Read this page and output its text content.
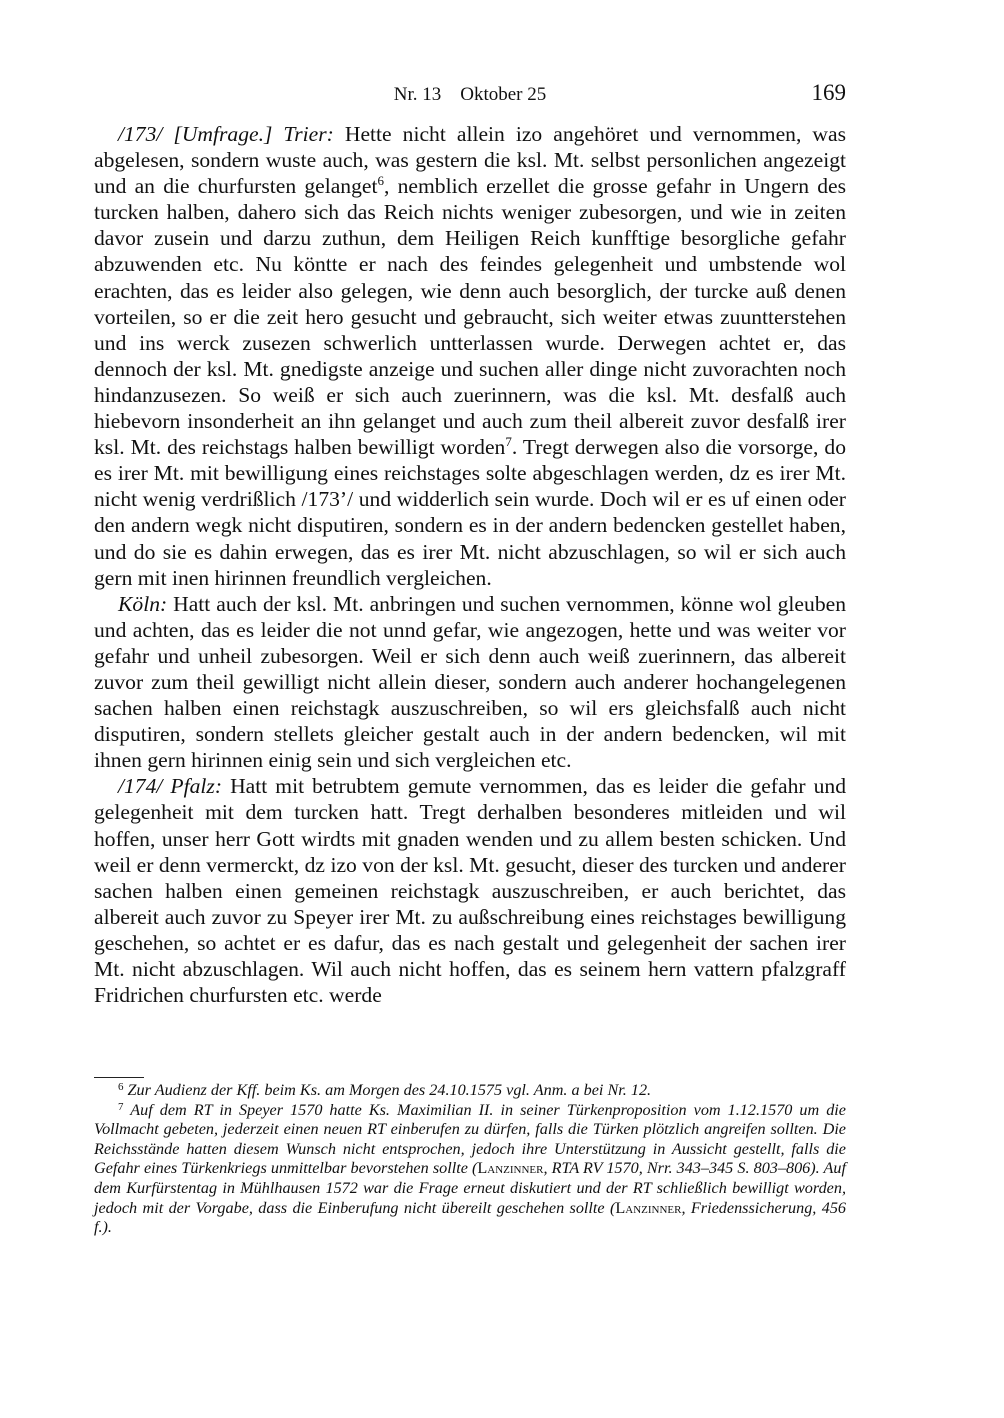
Nr. 13    Oktober 25	169

/173/ [Umfrage.] Trier: Hette nicht allein izo angehöret und vernommen, was abgelesen, sondern wuste auch, was gestern die ksl. Mt. selbst personlichen angezeigt und an die churfursten gelanget$^6$, nemblich erzellet die grosse gefahr in Ungern des turcken halben, dahero sich das Reich nichts weniger zubesorgen, und wie in zeiten davor zusein und darzu zuthun, dem Heiligen Reich kunfftige besorgliche gefahr abzuwenden etc. Nu köntte er nach des feindes gelegenheit und umbstende wol erachten, das es leider also gelegen, wie denn auch besorglich, der turcke auß denen vorteilen, so er die zeit hero gesucht und gebraucht, sich weiter etwas zuuntterstehen und ins werck zusezen schwerlich untterlassen wurde. Derwegen achtet er, das dennoch der ksl. Mt. gnedigste anzeige und suchen aller dinge nicht zuvorachten noch hindanzusezen. So weiß er sich auch zuerinnern, was die ksl. Mt. desfalß auch hiebevorn insonderheit an ihn gelanget und auch zum theil albereit zuvor desfalß irer ksl. Mt. des reichstags halben bewilligt worden$^7$. Tregt derwegen also die vorsorge, do es irer Mt. mit bewilligung eines reichstages solte abgeschlagen werden, dz es irer Mt. nicht wenig verdrißlich /173’/ und widderlich sein wurde. Doch wil er es uf einen oder den andern wegk nicht disputiren, sondern es in der andern bedencken gestellet haben, und do sie es dahin erwegen, das es irer Mt. nicht abzuschlagen, so wil er sich auch gern mit inen hirinnen freundlich vergleichen.

Köln: Hatt auch der ksl. Mt. anbringen und suchen vernommen, könne wol gleuben und achten, das es leider die not unnd gefar, wie angezogen, hette und was weiter vor gefahr und unheil zubesorgen. Weil er sich denn auch weiß zuerinnern, das albereit zuvor zum theil gewilligt nicht allein dieser, sondern auch anderer hochangelegenen sachen halben einen reichstagk auszuschreiben, so wil ers gleichsfalß auch nicht disputiren, sondern stellets gleicher gestalt auch in der andern bedencken, wil mit ihnen gern hirinnen einig sein und sich vergleichen etc.

/174/ Pfalz: Hatt mit betrubtem gemute vernommen, das es leider die gefahr und gelegenheit mit dem turcken hatt. Tregt derhalben besonderes mitleiden und wil hoffen, unser herr Gott wirdts mit gnaden wenden und zu allem besten schicken. Und weil er denn vermerckt, dz izo von der ksl. Mt. gesucht, dieser des turcken und anderer sachen halben einen gemeinen reichstagk auszuschreiben, er auch berichtet, das albereit auch zuvor zu Speyer irer Mt. zu außschreibung eines reichstages bewilligung geschehen, so achtet er es dafur, das es nach gestalt und gelegenheit der sachen irer Mt. nicht abzuschlagen. Wil auch nicht hoffen, das es seinem hern vattern pfalzgraff Fridrichen churfursten etc. werde

$^6$ Zur Audienz der Kff. beim Ks. am Morgen des 24.10.1575 vgl. Anm. a bei Nr. 12.

$^7$ Auf dem RT in Speyer 1570 hatte Ks. Maximilian II. in seiner Türkenproposition vom 1.12.1570 um die Vollmacht gebeten, jederzeit einen neuen RT einberufen zu dürfen, falls die Türken plötzlich angreifen sollten. Die Reichsstände hatten diesem Wunsch nicht entsprochen, jedoch ihre Unterstützung in Aussicht gestellt, falls die Gefahr eines Türkenkriegs unmittelbar bevorstehen sollte (Lanzinner, RTA RV 1570, Nrr. 343–345 S. 803–806). Auf dem Kurfürstentag in Mühlhausen 1572 war die Frage erneut diskutiert und der RT schließlich bewilligt worden, jedoch mit der Vorgabe, dass die Einberufung nicht übereilt geschehen sollte (Lanzinner, Friedenssicherung, 456 f.).
